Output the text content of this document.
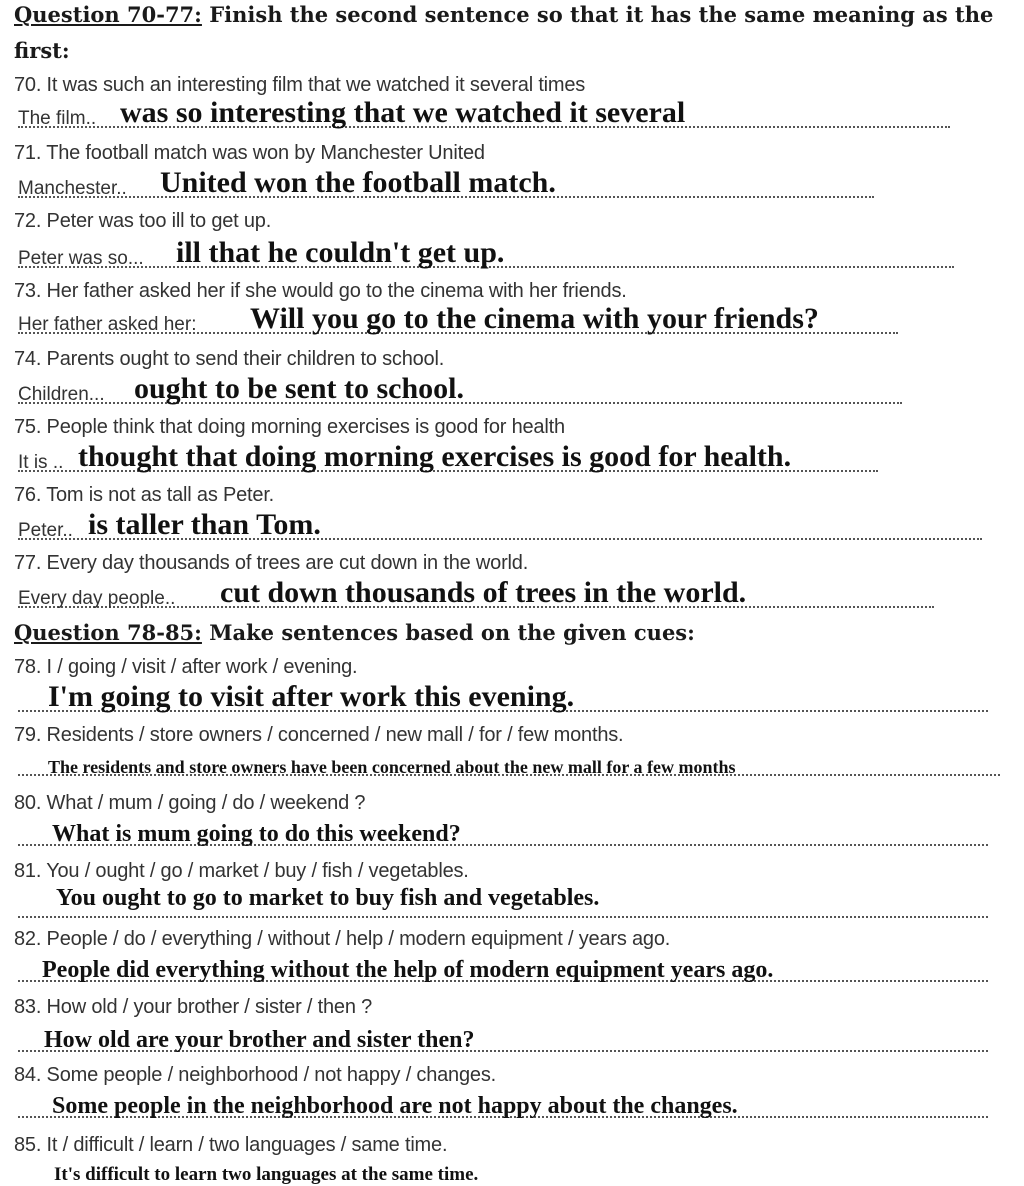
Question 70-77: Finish the second sentence so that it has the same meaning as the
first:
70. It was such an interesting film that we watched it several times
The film.. was so interesting that we watched it several
71. The football match was won by Manchester United
Manchester.. United won the football match.
72. Peter was too ill to get up.
Peter was so... ill that he couldn't get up.
73. Her father asked her if she would go to the cinema with her friends.
Her father asked her: Will you go to the cinema with your friends?
74. Parents ought to send their children to school.
Children... ought to be sent to school.
75. People think that doing morning exercises is good for health
It is .. thought that doing morning exercises is good for health.
76. Tom is not as tall as Peter.
Peter.. is taller than Tom.
77. Every day thousands of trees are cut down in the world.
Every day people.. cut down thousands of trees in the world.
Question 78-85: Make sentences based on the given cues:
78. I / going / visit / after work / evening.
I'm going to visit after work this evening.
79. Residents / store owners / concerned / new mall / for / few months.
The residents and store owners have been concerned about the new mall for a few months
80. What / mum / going / do / weekend ?
What is mum going to do this weekend?
81. You / ought / go / market / buy / fish / vegetables.
You ought to go to market to buy fish and vegetables.
82. People / do / everything / without / help / modern equipment / years ago.
People did everything without the help of modern equipment years ago.
83. How old / your brother / sister / then ?
How old are your brother and sister then?
84. Some people / neighborhood / not happy / changes.
Some people in the neighborhood are not happy about the changes.
85. It / difficult / learn / two languages / same time.
It's difficult to learn two languages at the same time.
